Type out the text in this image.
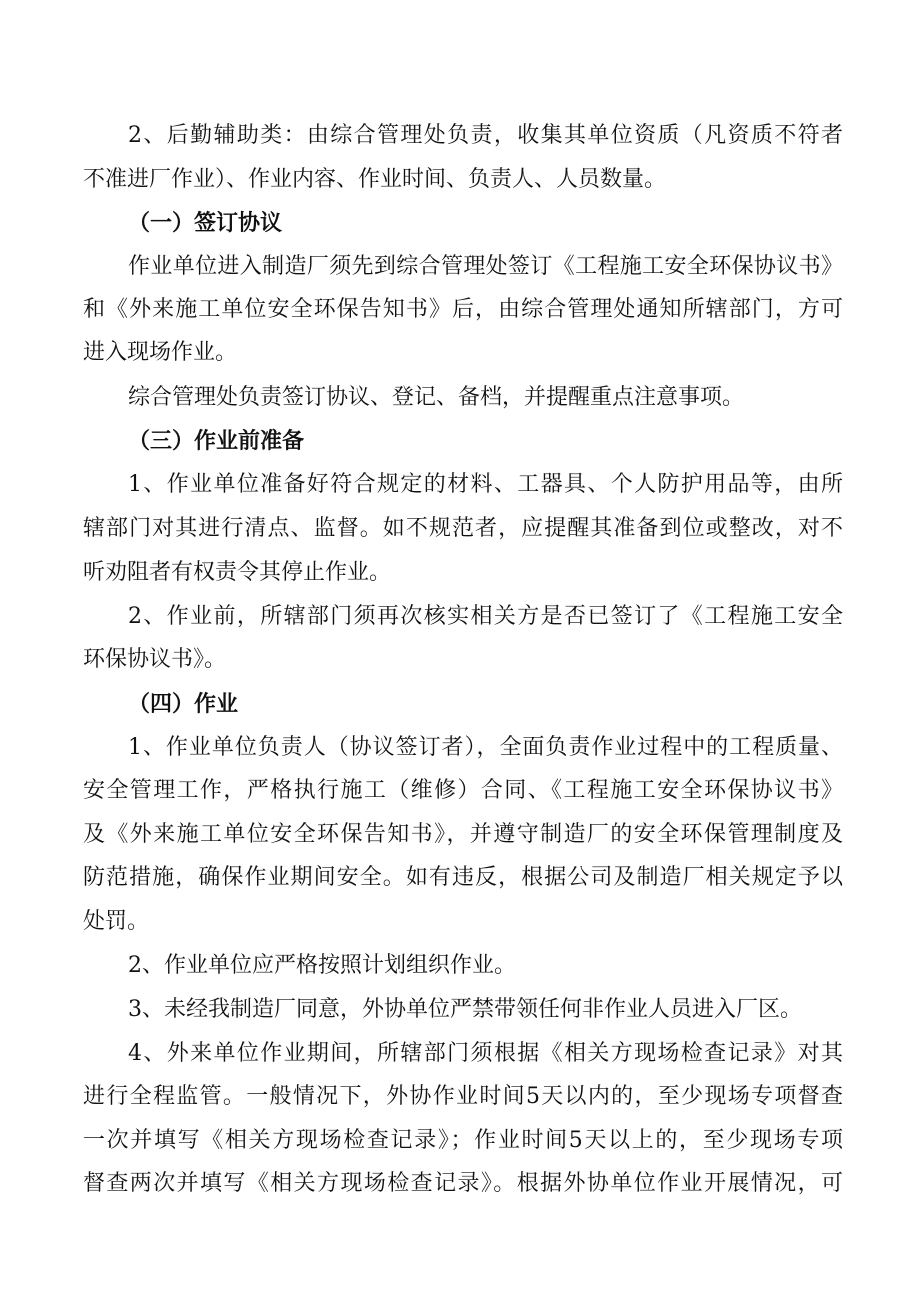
2、后勤辅助类：由综合管理处负责，收集其单位资质（凡资质不符者

不准进厂作业）、作业内容、作业时间、负责人、人员数量。

（一）签订协议

作业单位进入制造厂须先到综合管理处签订《工程施工安全环保协议书》

和《外来施工单位安全环保告知书》后，由综合管理处通知所辖部门，方可

进入现场作业。

综合管理处负责签订协议、登记、备档，并提醒重点注意事项。

（三）作业前准备

1、作业单位准备好符合规定的材料、工器具、个人防护用品等，由所

辖部门对其进行清点、监督。如不规范者，应提醒其准备到位或整改，对不

听劝阻者有权责令其停止作业。

2、作业前，所辖部门须再次核实相关方是否已签订了《工程施工安全

环保协议书》。

（四）作业

1、作业单位负责人（协议签订者），全面负责作业过程中的工程质量、

安全管理工作，严格执行施工（维修）合同、《工程施工安全环保协议书》

及《外来施工单位安全环保告知书》，并遵守制造厂的安全环保管理制度及

防范措施，确保作业期间安全。如有违反，根据公司及制造厂相关规定予以

处罚。

2、作业单位应严格按照计划组织作业。

3、未经我制造厂同意，外协单位严禁带领任何非作业人员进入厂区。

4、外来单位作业期间，所辖部门须根据《相关方现场检查记录》对其

进行全程监管。一般情况下，外协作业时间5天以内的，至少现场专项督查

一次并填写《相关方现场检查记录》；作业时间5天以上的，至少现场专项

督查两次并填写《相关方现场检查记录》。根据外协单位作业开展情况，可
